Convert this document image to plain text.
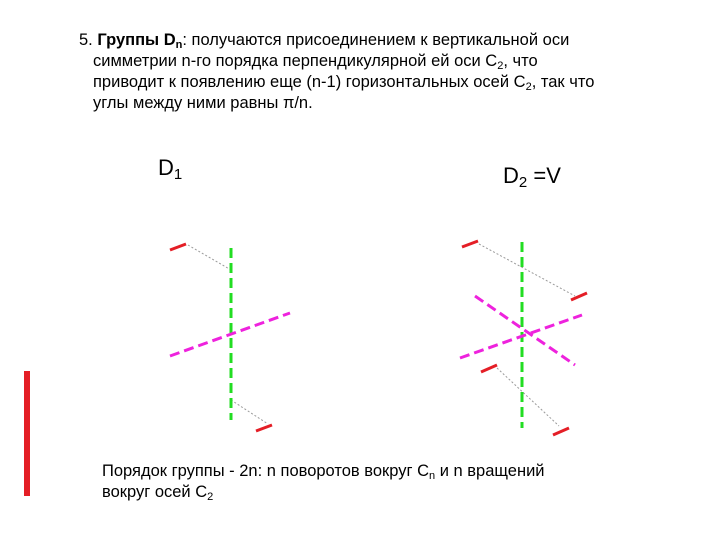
5. Группы $D_n$: получаются присоединением к вертикальной оси
симметрии n-го порядка перпендикулярной ей оси $C_2$, что
приводит к появлению еще (n-1) горизонтальных осей $C_2$, так что
углы между ними равны π/n.
$D_1$	$D_2 =V$
Порядок группы - 2n: n поворотов вокруг $C_n$ и n вращений
вокруг осей $C_2$
